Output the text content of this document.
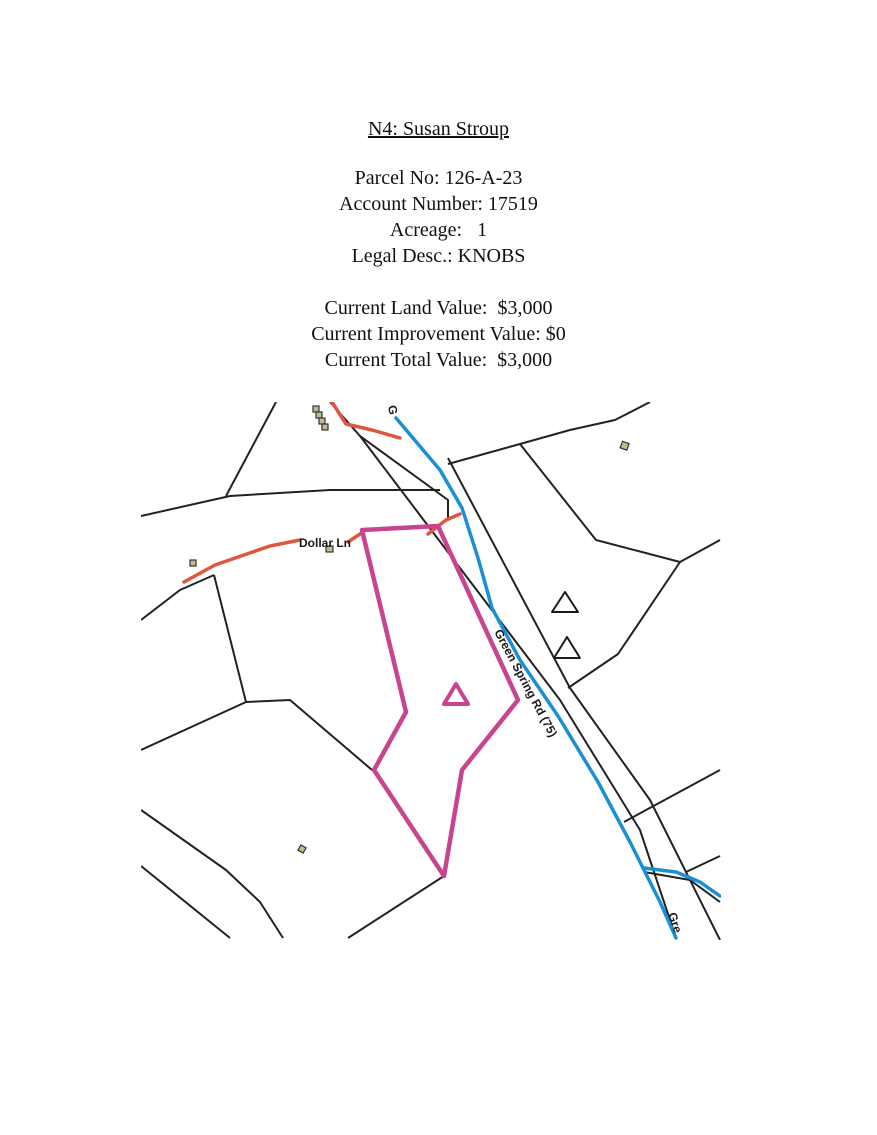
N4: Susan Stroup
Parcel No: 126-A-23
Account Number: 17519
Acreage:   1
Legal Desc.: KNOBS
Current Land Value:  $3,000
Current Improvement Value: $0
Current Total Value:  $3,000
Dollar Ln
Green Spring Rd (75)
Gre
G
